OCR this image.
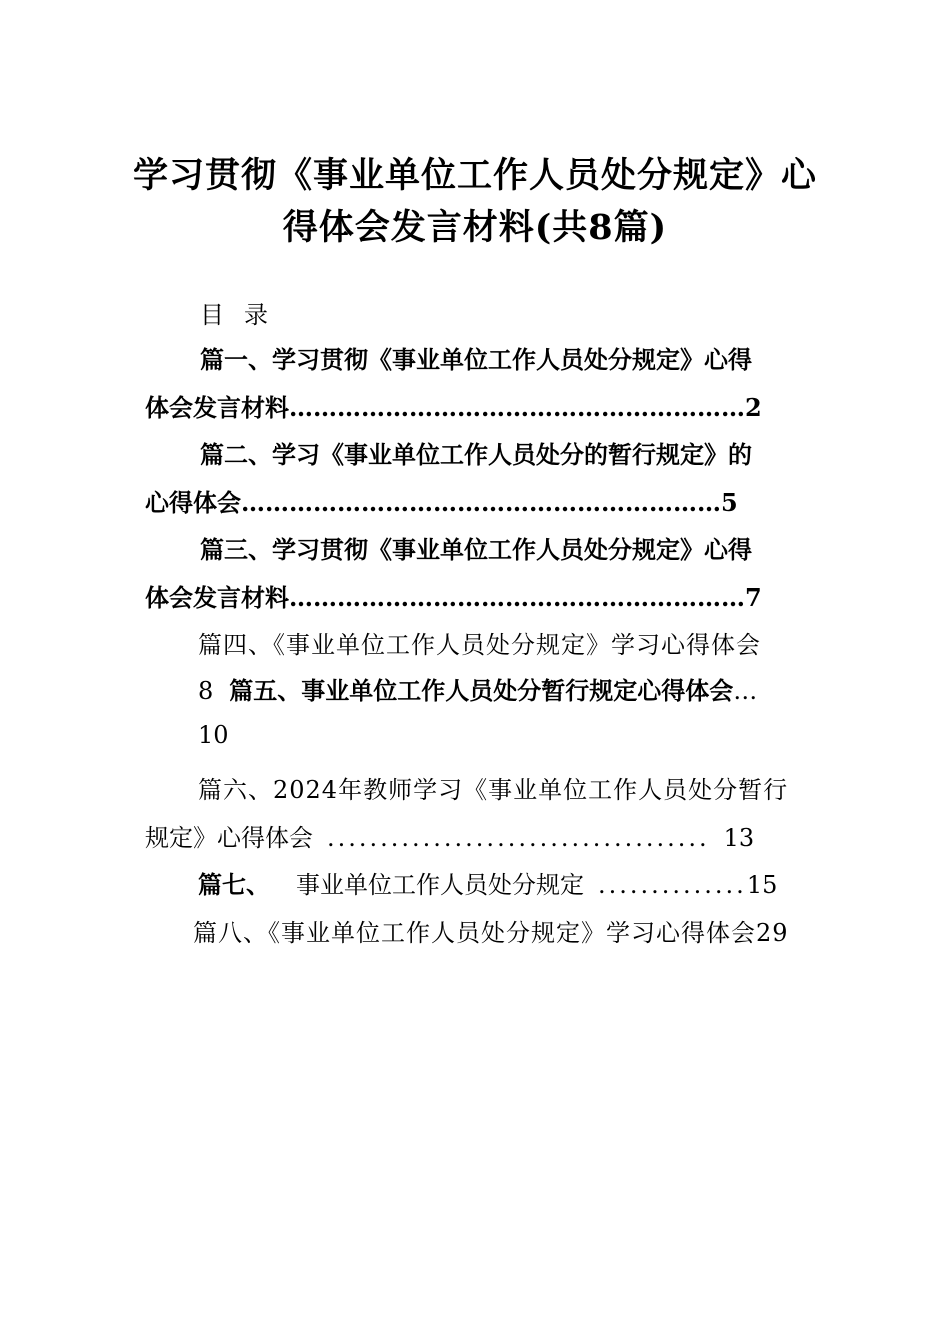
学习贯彻《事业单位工作人员处分规定》心
得体会发言材料(共8篇)
目录
篇一、学习贯彻《事业单位工作人员处分规定》心得
体会发言材料…………………………………………………2
篇二、学习《事业单位工作人员处分的暂行规定》的
心得体会……………………………………………………5
篇三、学习贯彻《事业单位工作人员处分规定》心得
体会发言材料…………………………………………………7
篇四、《事业单位工作人员处分规定》学习心得体会
8 篇五、事业单位工作人员处分暂行规定心得体会…
10
篇六、2024年教师学习《事业单位工作人员处分暂行
规定》心得体会 .................................... 13
篇七、 事业单位工作人员处分规定 ..............15
篇八、《事业单位工作人员处分规定》学习心得体会29
